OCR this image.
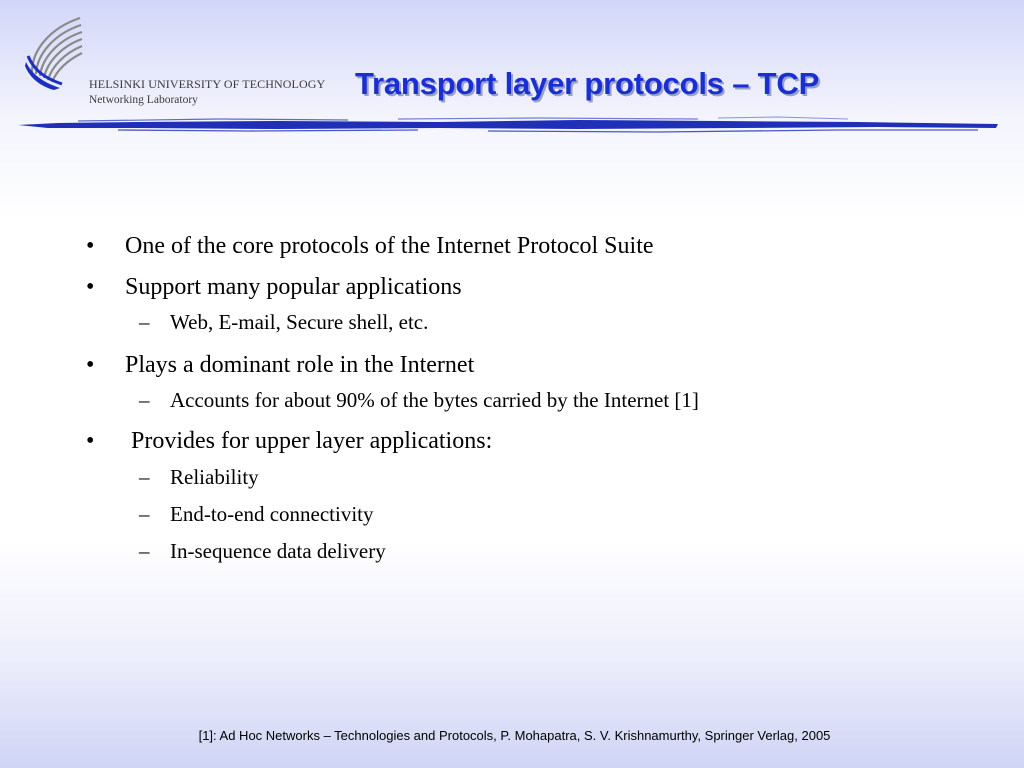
HELSINKI UNIVERSITY OF TECHNOLOGY
Networking Laboratory	Transport layer protocols – TCP
• One of the core protocols of the Internet Protocol Suite
• Support many popular applications
– Web, E-mail, Secure shell, etc.
• Plays a dominant role in the Internet
– Accounts for about 90% of the bytes carried by the Internet [1]
• Provides for upper layer applications:
– Reliability
– End-to-end connectivity
– In-sequence data delivery
[1]: Ad Hoc Networks – Technologies and Protocols, P. Mohapatra, S. V. Krishnamurthy, Springer Verlag, 2005
